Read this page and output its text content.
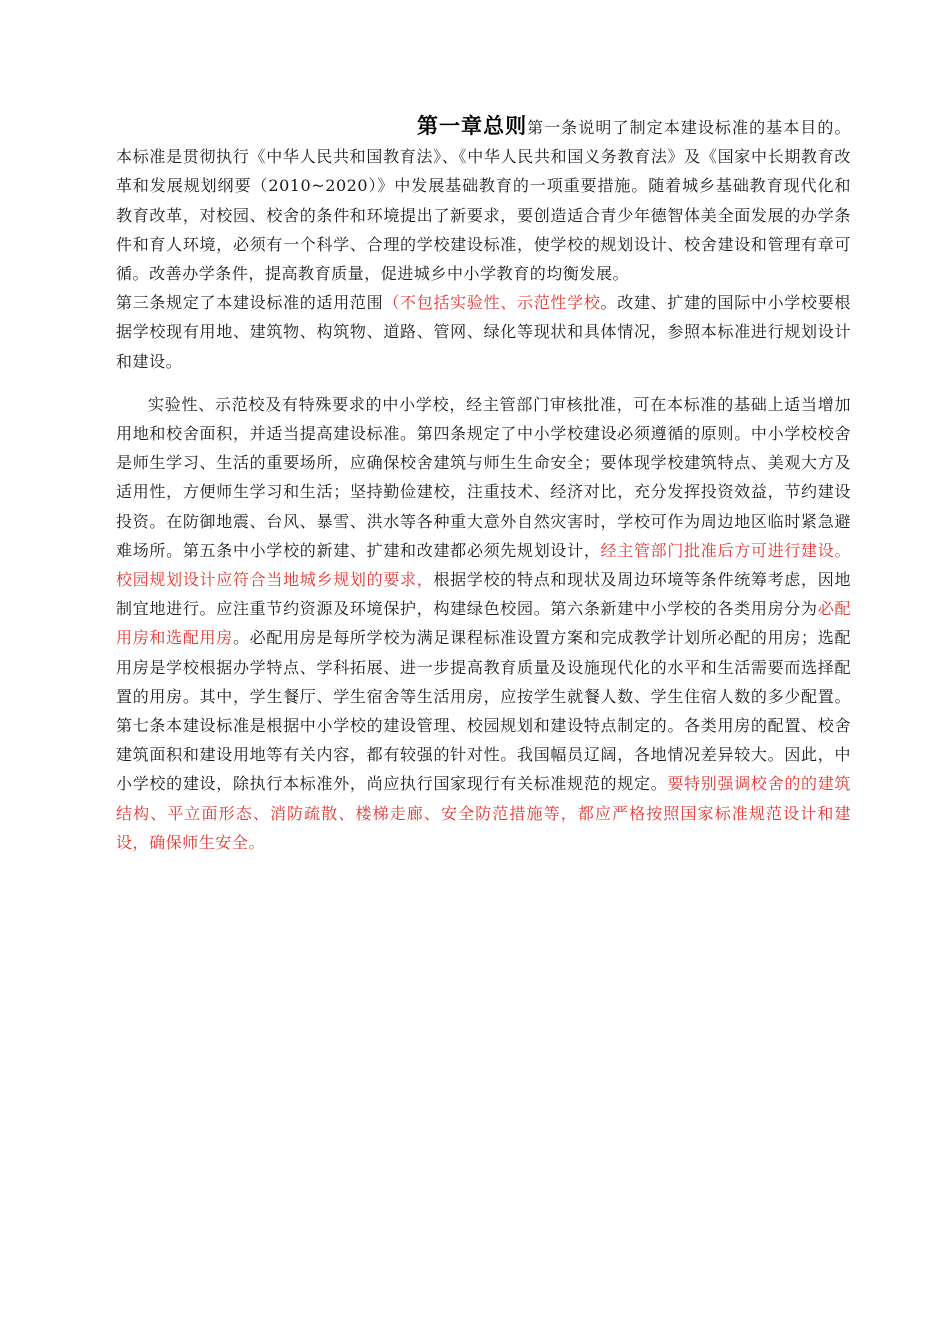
第一章总则第一条说明了制定本建设标准的基本目的。本标准是贯彻执行《中华人民共和国教育法》、《中华人民共和国义务教育法》及《国家中长期教育改革和发展规划纲要（2010~2020）》中发展基础教育的一项重要措施。随着城乡基础教育现代化和教育改革，对校园、校舍的条件和环境提出了新要求，要创造适合青少年德智体美全面发展的办学条件和育人环境，必须有一个科学、合理的学校建设标准，使学校的规划设计、校舍建设和管理有章可循。改善办学条件，提高教育质量，促进城乡中小学教育的均衡发展。

第三条规定了本建设标准的适用范围（不包括实验性、示范性学校。改建、扩建的国际中小学校要根据学校现有用地、建筑物、构筑物、道路、管网、绿化等现状和具体情况，参照本标准进行规划设计和建设。

实验性、示范校及有特殊要求的中小学校，经主管部门审核批准，可在本标准的基础上适当增加用地和校舍面积，并适当提高建设标准。第四条规定了中小学校建设必须遵循的原则。中小学校校舍是师生学习、生活的重要场所，应确保校舍建筑与师生生命安全；要体现学校建筑特点、美观大方及适用性，方便师生学习和生活；坚持勤俭建校，注重技术、经济对比，充分发挥投资效益，节约建设投资。在防御地震、台风、暴雪、洪水等各种重大意外自然灾害时，学校可作为周边地区临时紧急避难场所。第五条中小学校的新建、扩建和改建都必须先规划设计，经主管部门批准后方可进行建设。校园规划设计应符合当地城乡规划的要求，根据学校的特点和现状及周边环境等条件统筹考虑，因地制宜地进行。应注重节约资源及环境保护，构建绿色校园。第六条新建中小学校的各类用房分为必配用房和选配用房。必配用房是每所学校为满足课程标准设置方案和完成教学计划所必配的用房；选配用房是学校根据办学特点、学科拓展、进一步提高教育质量及设施现代化的水平和生活需要而选择配置的用房。其中，学生餐厅、学生宿舍等生活用房，应按学生就餐人数、学生住宿人数的多少配置。第七条本建设标准是根据中小学校的建设管理、校园规划和建设特点制定的。各类用房的配置、校舍建筑面积和建设用地等有关内容，都有较强的针对性。我国幅员辽阔，各地情况差异较大。因此，中小学校的建设，除执行本标准外，尚应执行国家现行有关标准规范的规定。要特别强调校舍的的建筑结构、平立面形态、消防疏散、楼梯走廊、安全防范措施等，都应严格按照国家标准规范设计和建设，确保师生安全。
